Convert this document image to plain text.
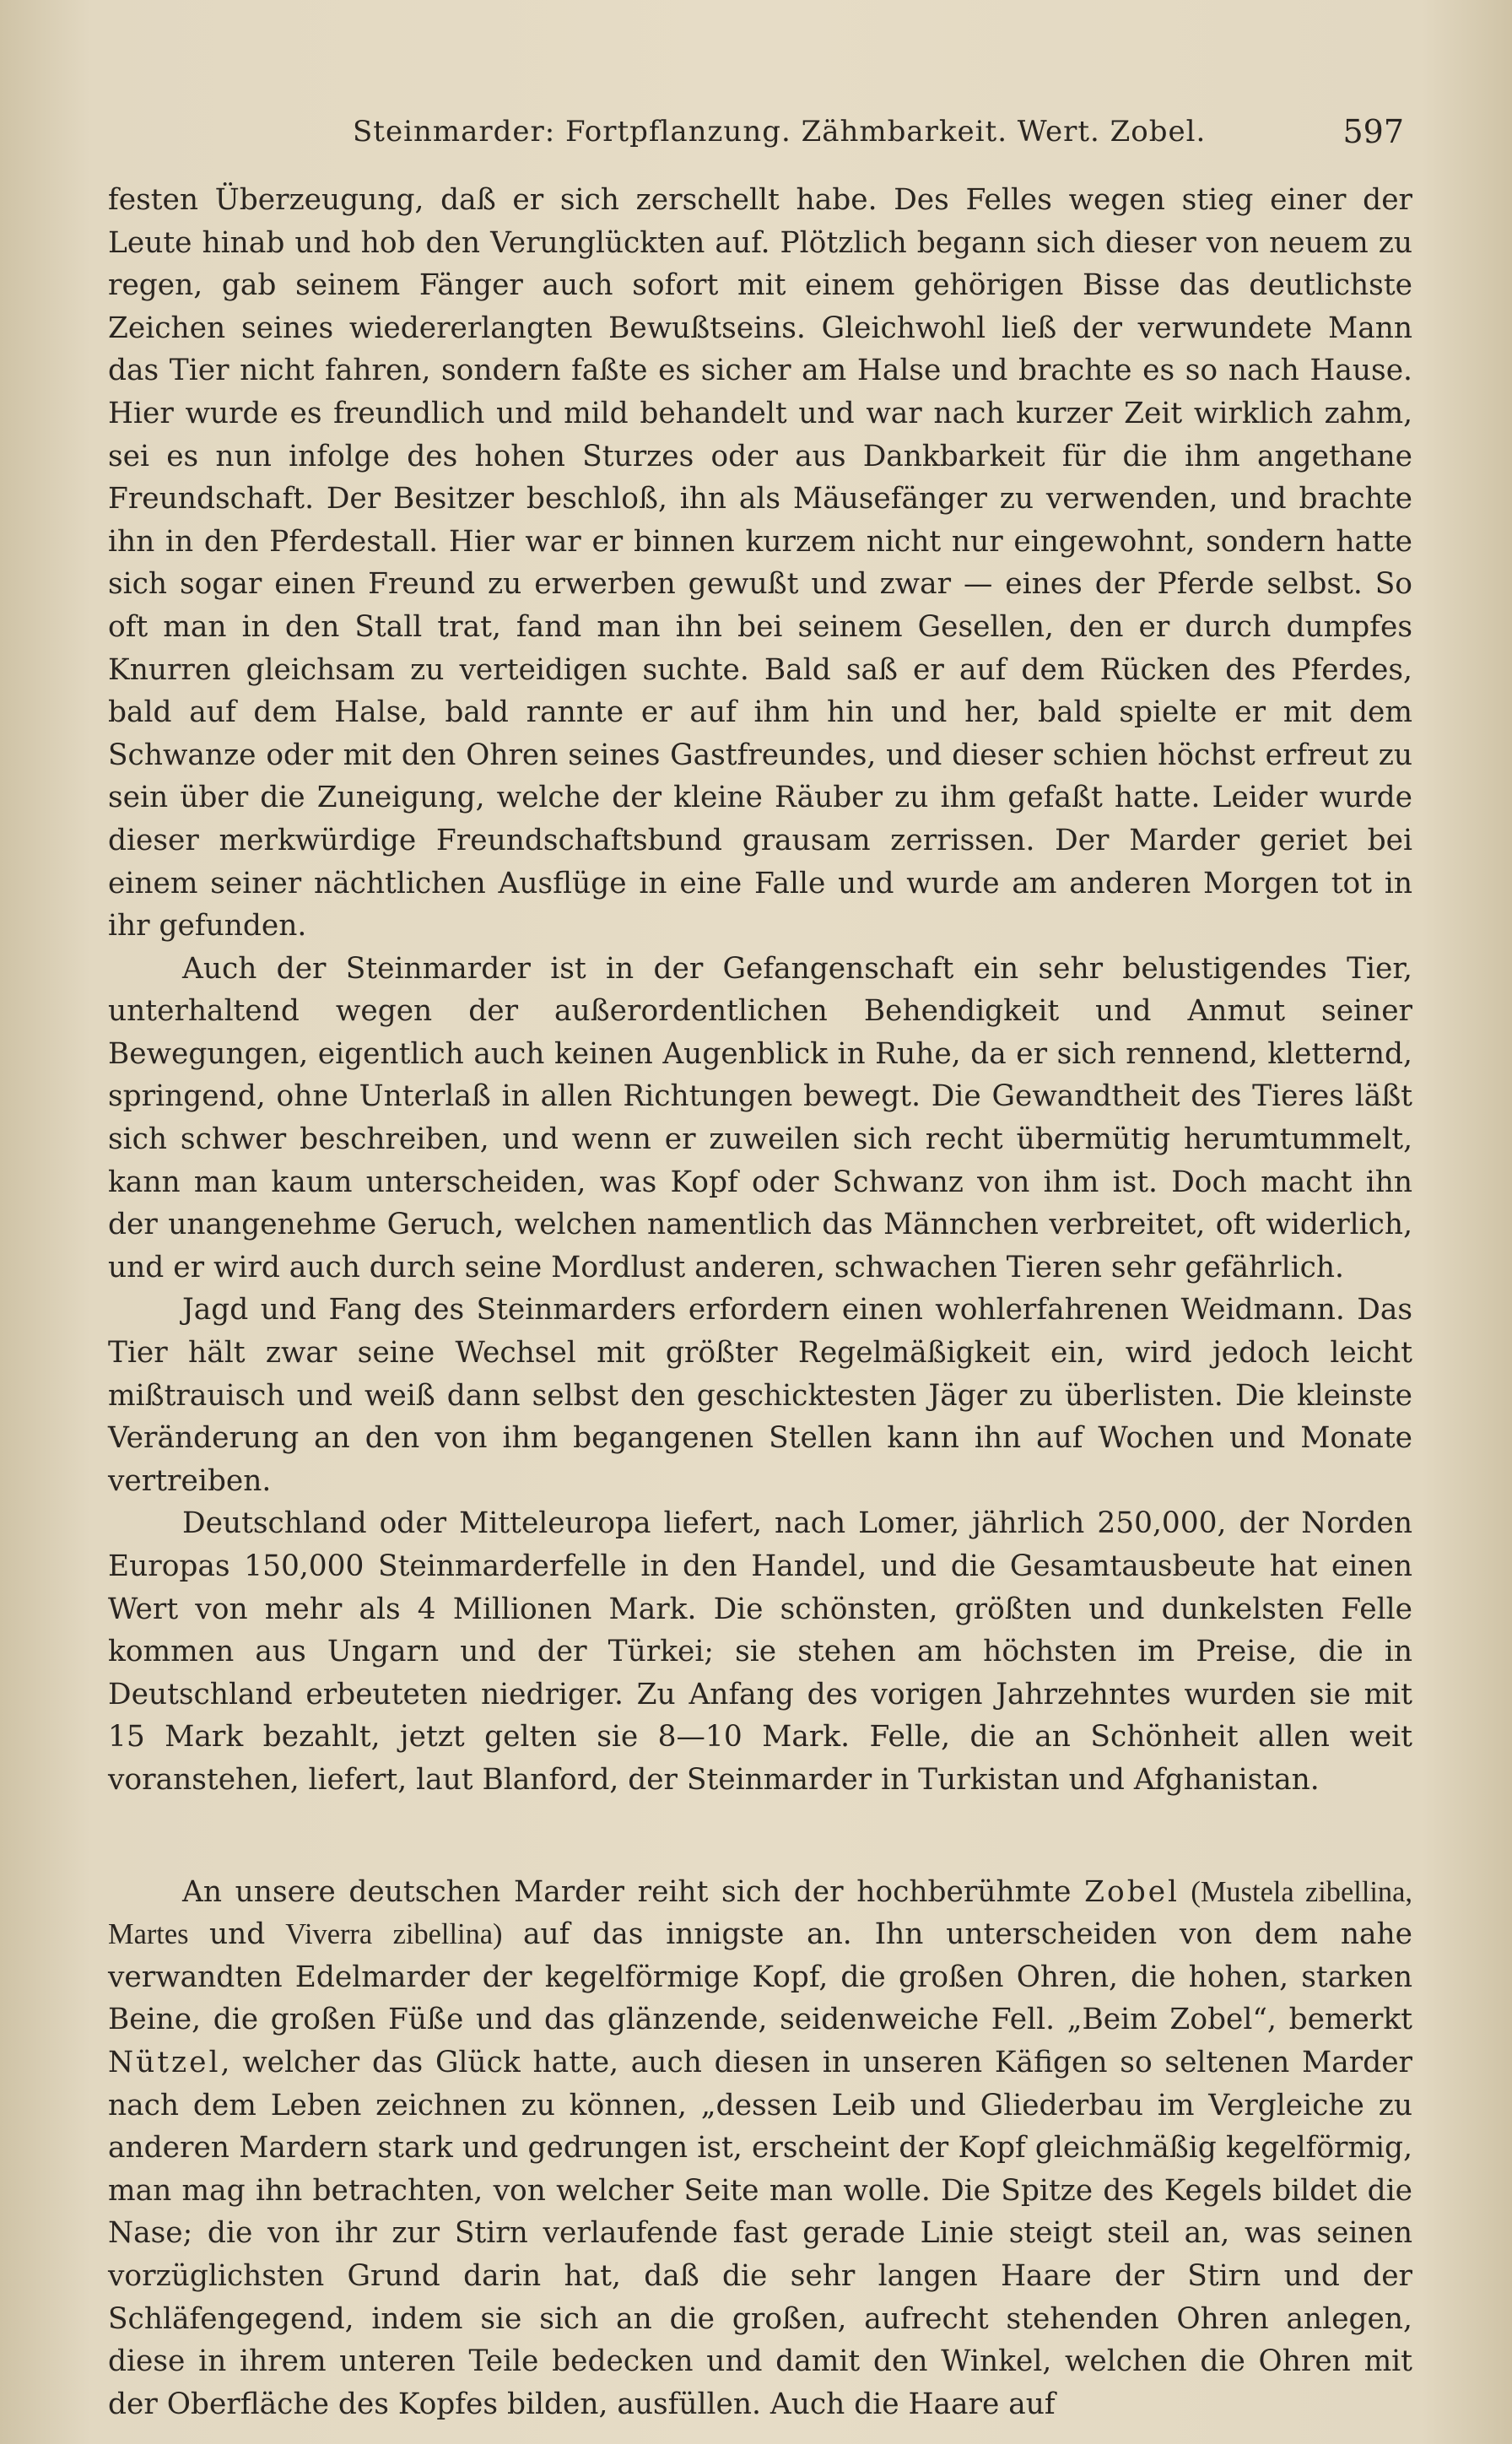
Steinmarder: Fortpflanzung. Zähmbarkeit. Wert. Zobel.	597

festen Überzeugung, daß er sich zerschellt habe. Des Felles wegen stieg einer der Leute hinab und hob den Verunglückten auf. Plötzlich begann sich dieser von neuem zu regen, gab seinem Fänger auch sofort mit einem gehörigen Bisse das deutlichste Zeichen seines wiedererlangten Bewußtseins. Gleichwohl ließ der verwundete Mann das Tier nicht fahren, sondern faßte es sicher am Halse und brachte es so nach Hause. Hier wurde es freundlich und mild behandelt und war nach kurzer Zeit wirklich zahm, sei es nun infolge des hohen Sturzes oder aus Dankbarkeit für die ihm angethane Freundschaft. Der Besitzer beschloß, ihn als Mäusefänger zu verwenden, und brachte ihn in den Pferdestall. Hier war er binnen kurzem nicht nur eingewohnt, sondern hatte sich sogar einen Freund zu erwerben gewußt und zwar — eines der Pferde selbst. So oft man in den Stall trat, fand man ihn bei seinem Gesellen, den er durch dumpfes Knurren gleichsam zu verteidigen suchte. Bald saß er auf dem Rücken des Pferdes, bald auf dem Halse, bald rannte er auf ihm hin und her, bald spielte er mit dem Schwanze oder mit den Ohren seines Gastfreundes, und dieser schien höchst erfreut zu sein über die Zuneigung, welche der kleine Räuber zu ihm gefaßt hatte. Leider wurde dieser merkwürdige Freundschaftsbund grausam zerrissen. Der Marder geriet bei einem seiner nächtlichen Ausflüge in eine Falle und wurde am anderen Morgen tot in ihr gefunden.

Auch der Steinmarder ist in der Gefangenschaft ein sehr belustigendes Tier, unterhaltend wegen der außerordentlichen Behendigkeit und Anmut seiner Bewegungen, eigentlich auch keinen Augenblick in Ruhe, da er sich rennend, kletternd, springend, ohne Unterlaß in allen Richtungen bewegt. Die Gewandtheit des Tieres läßt sich schwer beschreiben, und wenn er zuweilen sich recht übermütig herumtummelt, kann man kaum unterscheiden, was Kopf oder Schwanz von ihm ist. Doch macht ihn der unangenehme Geruch, welchen namentlich das Männchen verbreitet, oft widerlich, und er wird auch durch seine Mordlust anderen, schwachen Tieren sehr gefährlich.

Jagd und Fang des Steinmarders erfordern einen wohlerfahrenen Weidmann. Das Tier hält zwar seine Wechsel mit größter Regelmäßigkeit ein, wird jedoch leicht mißtrauisch und weiß dann selbst den geschicktesten Jäger zu überlisten. Die kleinste Veränderung an den von ihm begangenen Stellen kann ihn auf Wochen und Monate vertreiben.

Deutschland oder Mitteleuropa liefert, nach Lomer, jährlich 250,000, der Norden Europas 150,000 Steinmarderfelle in den Handel, und die Gesamtausbeute hat einen Wert von mehr als 4 Millionen Mark. Die schönsten, größten und dunkelsten Felle kommen aus Ungarn und der Türkei; sie stehen am höchsten im Preise, die in Deutschland erbeuteten niedriger. Zu Anfang des vorigen Jahrzehntes wurden sie mit 15 Mark bezahlt, jetzt gelten sie 8—10 Mark. Felle, die an Schönheit allen weit voranstehen, liefert, laut Blanford, der Steinmarder in Turkistan und Afghanistan.

An unsere deutschen Marder reiht sich der hochberühmte Zobel (Mustela zibellina, Martes und Viverra zibellina) auf das innigste an. Ihn unterscheiden von dem nahe verwandten Edelmarder der kegelförmige Kopf, die großen Ohren, die hohen, starken Beine, die großen Füße und das glänzende, seidenweiche Fell. „Beim Zobel“, bemerkt Nützel, welcher das Glück hatte, auch diesen in unseren Käfigen so seltenen Marder nach dem Leben zeichnen zu können, „dessen Leib und Gliederbau im Vergleiche zu anderen Mardern stark und gedrungen ist, erscheint der Kopf gleichmäßig kegelförmig, man mag ihn betrachten, von welcher Seite man wolle. Die Spitze des Kegels bildet die Nase; die von ihr zur Stirn verlaufende fast gerade Linie steigt steil an, was seinen vorzüglichsten Grund darin hat, daß die sehr langen Haare der Stirn und der Schläfengegend, indem sie sich an die großen, aufrecht stehenden Ohren anlegen, diese in ihrem unteren Teile bedecken und damit den Winkel, welchen die Ohren mit der Oberfläche des Kopfes bilden, ausfüllen. Auch die Haare auf
